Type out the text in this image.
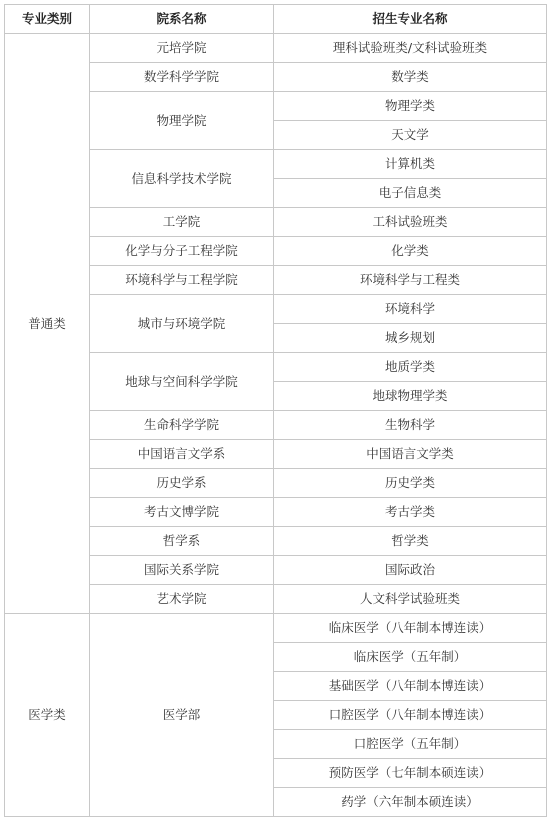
专业类别	院系名称	招生专业名称
普通类	元培学院	理科试验班类/文科试验班类
	数学科学学院	数学类
	物理学院	物理学类
		天文学
	信息科学技术学院	计算机类
		电子信息类
	工学院	工科试验班类
	化学与分子工程学院	化学类
	环境科学与工程学院	环境科学与工程类
	城市与环境学院	环境科学
		城乡规划
	地球与空间科学学院	地质学类
		地球物理学类
	生命科学学院	生物科学
	中国语言文学系	中国语言文学类
	历史学系	历史学类
	考古文博学院	考古学类
	哲学系	哲学类
	国际关系学院	国际政治
	艺术学院	人文科学试验班类
医学类	医学部	临床医学（八年制本博连读）
		临床医学（五年制）
		基础医学（八年制本博连读）
		口腔医学（八年制本博连读）
		口腔医学（五年制）
		预防医学（七年制本硕连读）
		药学（六年制本硕连读）
